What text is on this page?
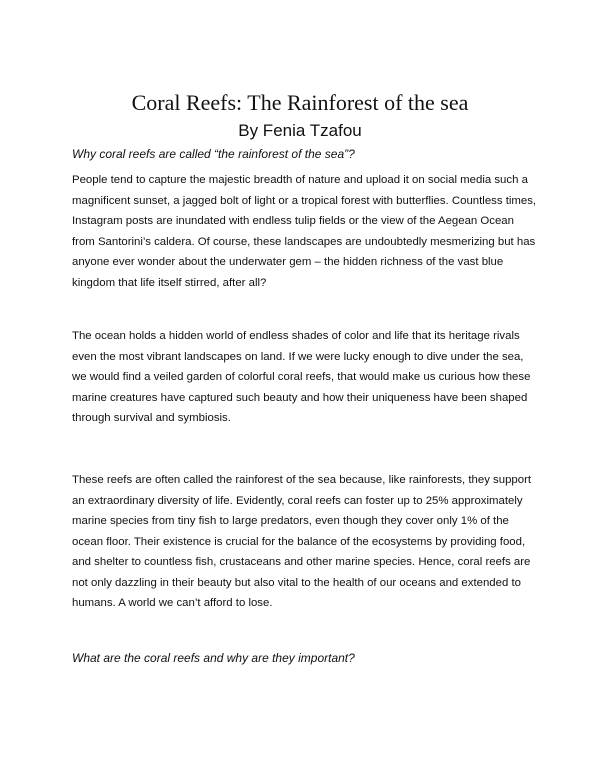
Coral Reefs: The Rainforest of the sea
By Fenia Tzafou
Why coral reefs are called “the rainforest of the sea”?

People tend to capture the majestic breadth of nature and upload it on social media such a magnificent sunset, a jagged bolt of light or a tropical forest with butterflies. Countless times, Instagram posts are inundated with endless tulip fields or the view of the Aegean Ocean from Santorini’s caldera. Of course, these landscapes are undoubtedly mesmerizing but has anyone ever wonder about the underwater gem – the hidden richness of the vast blue kingdom that life itself stirred, after all?

The ocean holds a hidden world of endless shades of color and life that its heritage rivals even the most vibrant landscapes on land. If we were lucky enough to dive under the sea, we would find a veiled garden of colorful coral reefs, that would make us curious how these marine creatures have captured such beauty and how their uniqueness have been shaped through survival and symbiosis.

These reefs are often called the rainforest of the sea because, like rainforests, they support an extraordinary diversity of life. Evidently, coral reefs can foster up to 25% approximately marine species from tiny fish to large predators, even though they cover only 1% of the ocean floor. Their existence is crucial for the balance of the ecosystems by providing food, and shelter to countless fish, crustaceans and other marine species. Hence, coral reefs are not only dazzling in their beauty but also vital to the health of our oceans and extended to humans. A world we can’t afford to lose.

What are the coral reefs and why are they important?
